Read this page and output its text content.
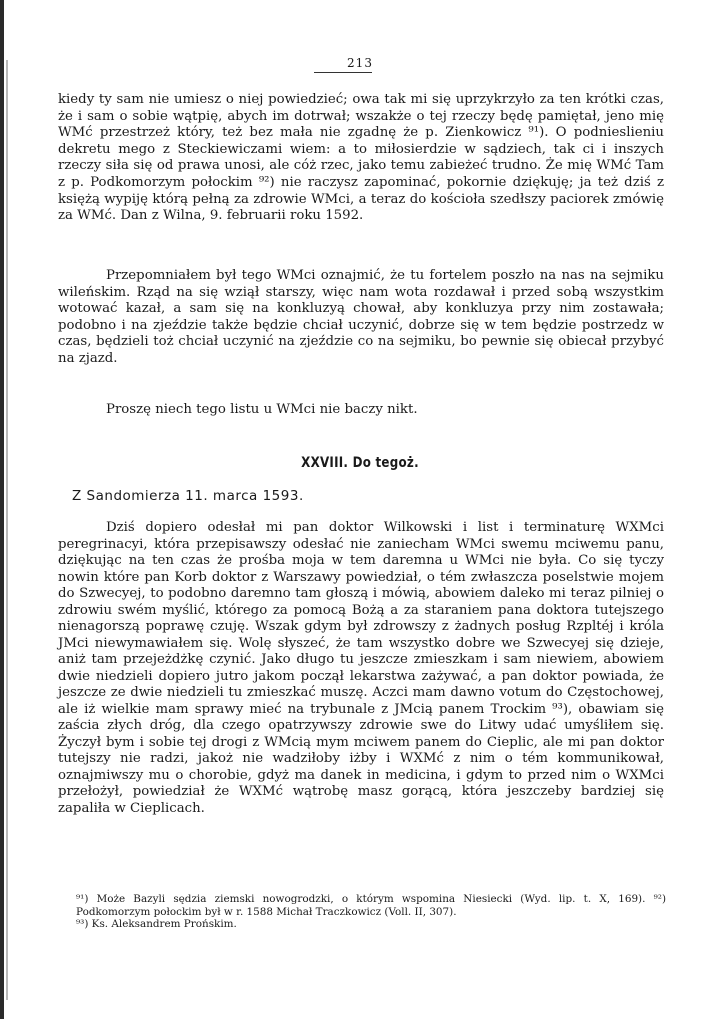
213

kiedy ty sam nie umiesz o niej powiedzieć; owa tak mi się uprzykrzyło za ten krótki czas, że i sam o sobie wątpię, abych im dotrwał; wszakże o tej rzeczy będę pamiętał, jeno mię WMć przestrzeż który, też bez mała nie zgadnę że p. Zienkowicz ⁹¹). O podnieslieniu dekretu mego z Steckiewiczami wiem: a to miłosierdzie w sądziech, tak ci i inszych rzeczy siła się od prawa unosi, ale cóż rzec, jako temu zabieżeć trudno. Że mię WMć Tam z p. Podkomorzym połockim ⁹²) nie raczysz zapominać, pokornie dziękuję; ja też dziś z księżą wypiję którą pełną za zdrowie WMci, a teraz do kościoła szedłszy paciorek zmówię za WMć. Dan z Wilna, 9. februarii roku 1592.

Przepomniałem był tego WMci oznajmić, że tu fortelem poszło na nas na sejmiku wileńskim. Rząd na się wziął starszy, więc nam wota rozdawał i przed sobą wszystkim wotować kazał, a sam się na konkluzyą chował, aby konkluzya przy nim zostawała; podobno i na zjeździe także będzie chciał uczynić, dobrze się w tem będzie postrzedz w czas, będzieli toż chciał uczynić na zjeździe co na sejmiku, bo pewnie się obiecał przybyć na zjazd.

Proszę niech tego listu u WMci nie baczy nikt.

XXVIII. Do tegoż.
Z Sandomierza 11. marca 1593.

Dziś dopiero odesłał mi pan doktor Wilkowski i list i terminaturę WXMci peregrinacyi, która przepisawszy odesłać nie zaniecham WMci swemu mciwemu panu, dziękując na ten czas że prośba moja w tem daremna u WMci nie była. Co się tyczy nowin które pan Korb doktor z Warszawy powiedział, o tém zwłaszcza poselstwie mojem do Szwecyej, to podobno daremno tam głoszą i mówią, abowiem daleko mi teraz pilniej o zdrowiu swém myślić, którego za pomocą Bożą a za staraniem pana doktora tutejszego nienagorszą poprawę czuję. Wszak gdym był zdrowszy z żadnych posług Rzpltéj i króla JMci niewymawiałem się. Wolę słyszeć, że tam wszystko dobre we Szwecyej się dzieje, aniż tam przejeżdżkę czynić. Jako długo tu jeszcze zmieszkam i sam niewiem, abowiem dwie niedzieli dopiero jutro jakom począł lekarstwa zażywać, a pan doktor powiada, że jeszcze ze dwie niedzieli tu zmieszkać muszę. Aczci mam dawno votum do Częstochowej, ale iż wielkie mam sprawy mieć na trybunale z JMcią panem Trockim ⁹³), obawiam się zaścia złych dróg, dla czego opatrzywszy zdrowie swe do Litwy udać umyśliłem się. Życzył bym i sobie tej drogi z WMcią mym mciwem panem do Cieplic, ale mi pan doktor tutejszy nie radzi, jakoż nie wadziłoby iżby i WXMć z nim o tém kommunikował, oznajmiwszy mu o chorobie, gdyż ma danek in medicina, i gdym to przed nim o WXMci przełożył, powiedział że WXMć wątrobę masz gorącą, która jeszczeby bardziej się zapaliła w Cieplicach.

⁹¹) Może Bazyli sędzia ziemski nowogrodzki, o którym wspomina Niesiecki (Wyd. lip. t. X, 169). ⁹²) Podkomorzym połockim był w r. 1588 Michał Traczkowicz (Voll. II, 307).

⁹³) Ks. Aleksandrem Prońskim.
